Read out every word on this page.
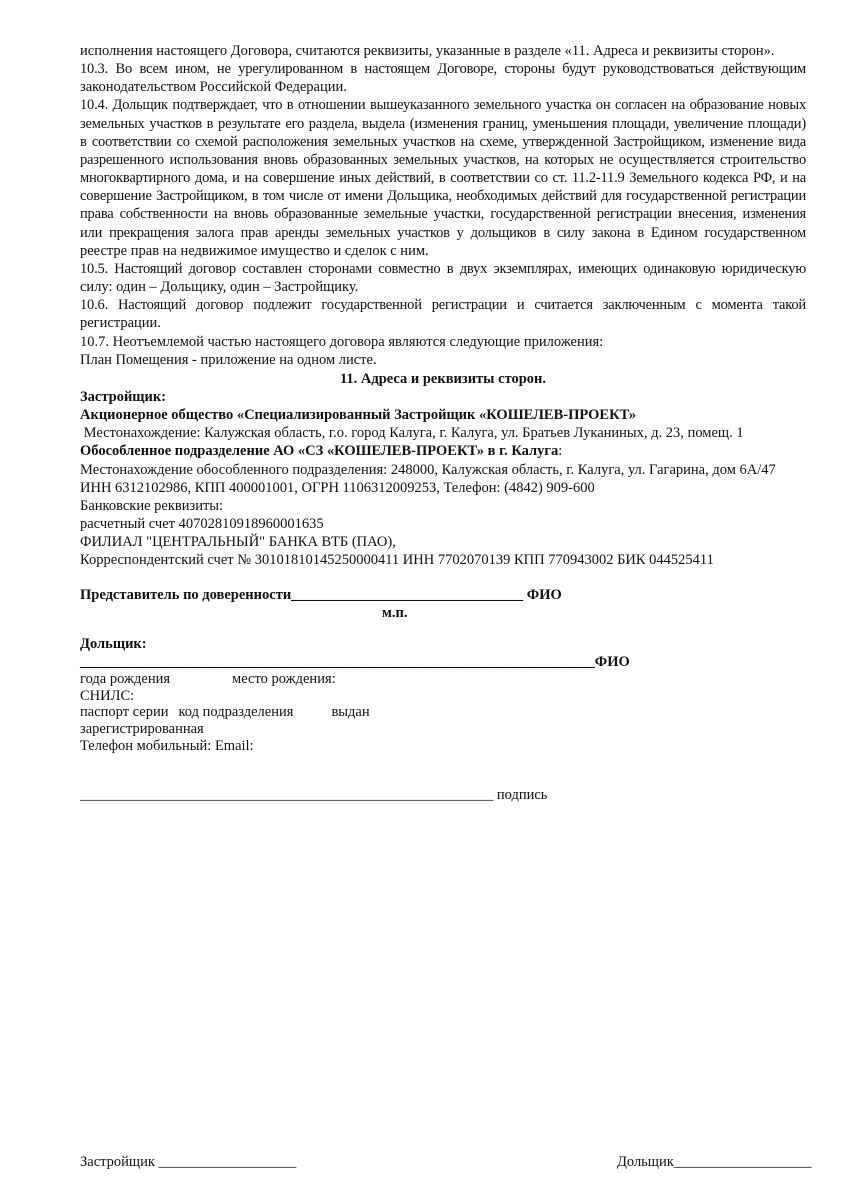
исполнения настоящего Договора, считаются реквизиты, указанные в разделе «11. Адреса и реквизиты сторон».
10.3. Во всем ином, не урегулированном в настоящем Договоре, стороны будут руководствоваться действующим
законодательством Российской Федерации.
10.4. Дольщик подтверждает, что в отношении вышеуказанного земельного участка он согласен на образование новых
земельных участков в результате его раздела, выдела (изменения границ, уменьшения площади, увеличение площади)
в соответствии со схемой расположения земельных участков на схеме, утвержденной Застройщиком, изменение вида
разрешенного использования вновь образованных земельных участков, на которых не осуществляется строительство
многоквартирного дома, и на совершение иных действий, в соответствии со ст. 11.2-11.9 Земельного кодекса РФ, и на
совершение Застройщиком, в том числе от имени Дольщика, необходимых действий для государственной регистрации
права собственности на вновь образованные земельные участки, государственной регистрации внесения, изменения
или прекращения залога прав аренды земельных участков у дольщиков в силу закона в Едином государственном
реестре прав на недвижимое имущество и сделок с ним.
10.5. Настоящий договор составлен сторонами совместно в двух экземплярах, имеющих одинаковую юридическую
силу: один – Дольщику, один – Застройщику.
10.6. Настоящий договор подлежит государственной регистрации и считается заключенным с момента такой
регистрации.
10.7. Неотъемлемой частью настоящего договора являются следующие приложения:
План Помещения - приложение на одном листе.
11. Адреса и реквизиты сторон.
Застройщик:
Акционерное общество «Специализированный Застройщик «КОШЕЛЕВ-ПРОЕКТ»
Местонахождение: Калужская область, г.о. город Калуга, г. Калуга, ул. Братьев Луканиных, д. 23, помещ. 1
Обособленное подразделение АО «СЗ «КОШЕЛЕВ-ПРОЕКТ» в г. Калуга:
Местонахождение обособленного подразделения: 248000, Калужская область, г. Калуга, ул. Гагарина, дом 6А/47
ИНН 6312102986, КПП 400001001, ОГРН 1106312009253, Телефон: (4842) 909-600
Банковские реквизиты:
расчетный счет 40702810918960001635
ФИЛИАЛ "ЦЕНТРАЛЬНЫЙ" БАНКА ВТБ (ПАО),
Корреспондентский счет № 30101810145250000411 ИНН 7702070139 КПП 770943002 БИК 044525411
Представитель по доверенности________________________________ ФИО
м.п.
Дольщик:
_______________________________________________________________________ФИО
года рождения	место рождения:
СНИЛС:
паспорт серии код подразделения	выдан
зарегистрированная
Телефон мобильный: Email:
_________________________________________________________ подпись
Застройщик ___________________	Дольщик___________________
